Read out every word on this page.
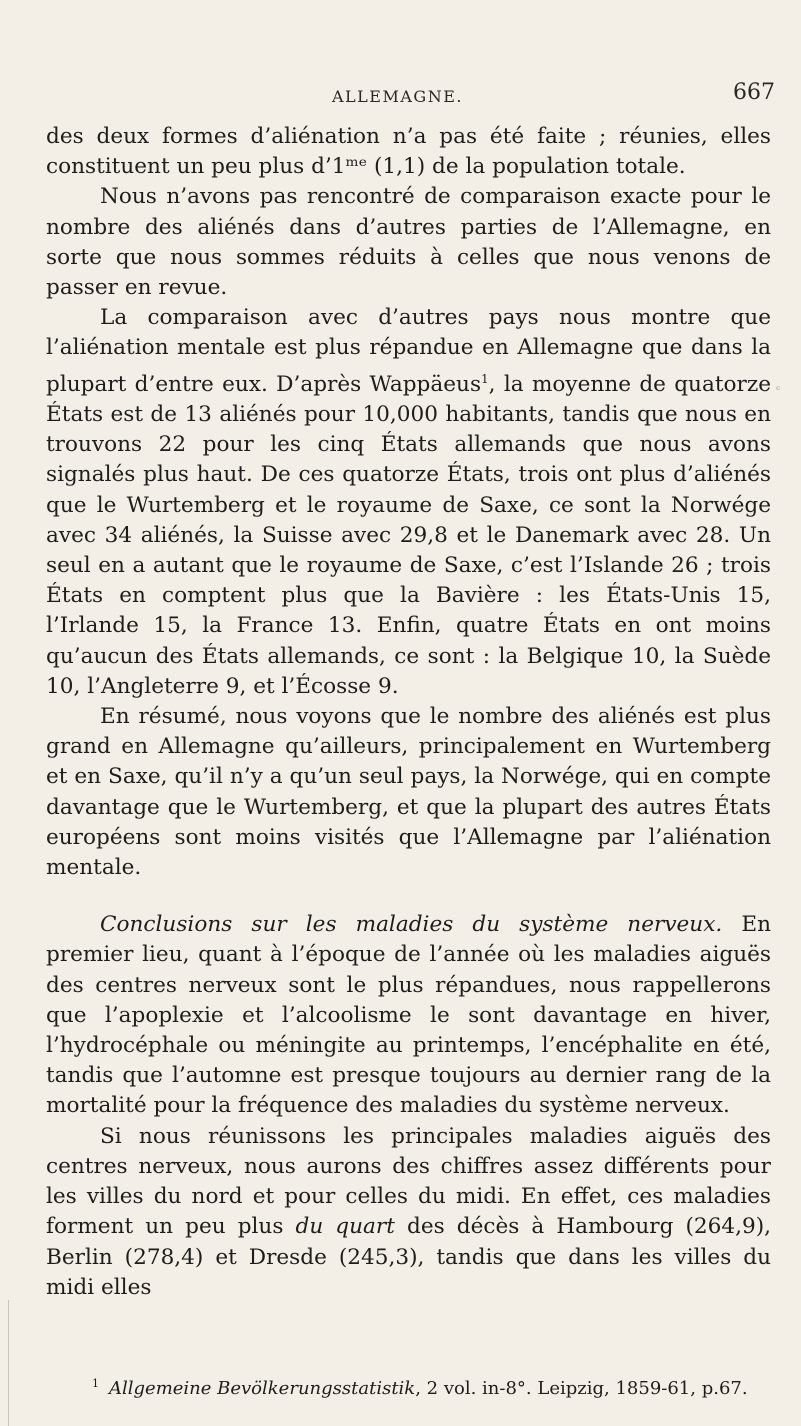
ALLEMAGNE.	667
ᶜ

des deux formes d’aliénation n’a pas été faite ; réunies, elles constituent un peu plus d’1ᵐᵉ (1,1) de la population totale.

Nous n’avons pas rencontré de comparaison exacte pour le nombre des aliénés dans d’autres parties de l’Allemagne, en sorte que nous sommes réduits à celles que nous venons de passer en revue.

La comparaison avec d’autres pays nous montre que l’aliénation mentale est plus répandue en Allemagne que dans la plupart d’entre eux. D’après Wappäeus$^1$, la moyenne de quatorze États est de 13 aliénés pour 10,000 habitants, tandis que nous en trouvons 22 pour les cinq États allemands que nous avons signalés plus haut. De ces quatorze États, trois ont plus d’aliénés que le Wurtemberg et le royaume de Saxe, ce sont la Norwége avec 34 aliénés, la Suisse avec 29,8 et le Danemark avec 28. Un seul en a autant que le royaume de Saxe, c’est l’Islande 26 ; trois États en comptent plus que la Bavière : les États-Unis 15, l’Irlande 15, la France 13. Enfin, quatre États en ont moins qu’aucun des États allemands, ce sont : la Belgique 10, la Suède 10, l’Angleterre 9, et l’Écosse 9.

En résumé, nous voyons que le nombre des aliénés est plus grand en Allemagne qu’ailleurs, principalement en Wurtemberg et en Saxe, qu’il n’y a qu’un seul pays, la Norwége, qui en compte davantage que le Wurtemberg, et que la plupart des autres États européens sont moins visités que l’Allemagne par l’aliénation mentale.

Conclusions sur les maladies du système nerveux. En premier lieu, quant à l’époque de l’année où les maladies aiguës des centres nerveux sont le plus répandues, nous rappellerons que l’apoplexie et l’alcoolisme le sont davantage en hiver, l’hydrocéphale ou méningite au printemps, l’encéphalite en été, tandis que l’automne est presque toujours au dernier rang de la mortalité pour la fréquence des maladies du système nerveux.

Si nous réunissons les principales maladies aiguës des centres nerveux, nous aurons des chiffres assez différents pour les villes du nord et pour celles du midi. En effet, ces maladies forment un peu plus du quart des décès à Hambourg (264,9), Berlin (278,4) et Dresde (245,3), tandis que dans les villes du midi elles

$^1$ Allgemeine Bevölkerungsstatistik, 2 vol. in-8°. Leipzig, 1859-61, p.67.
